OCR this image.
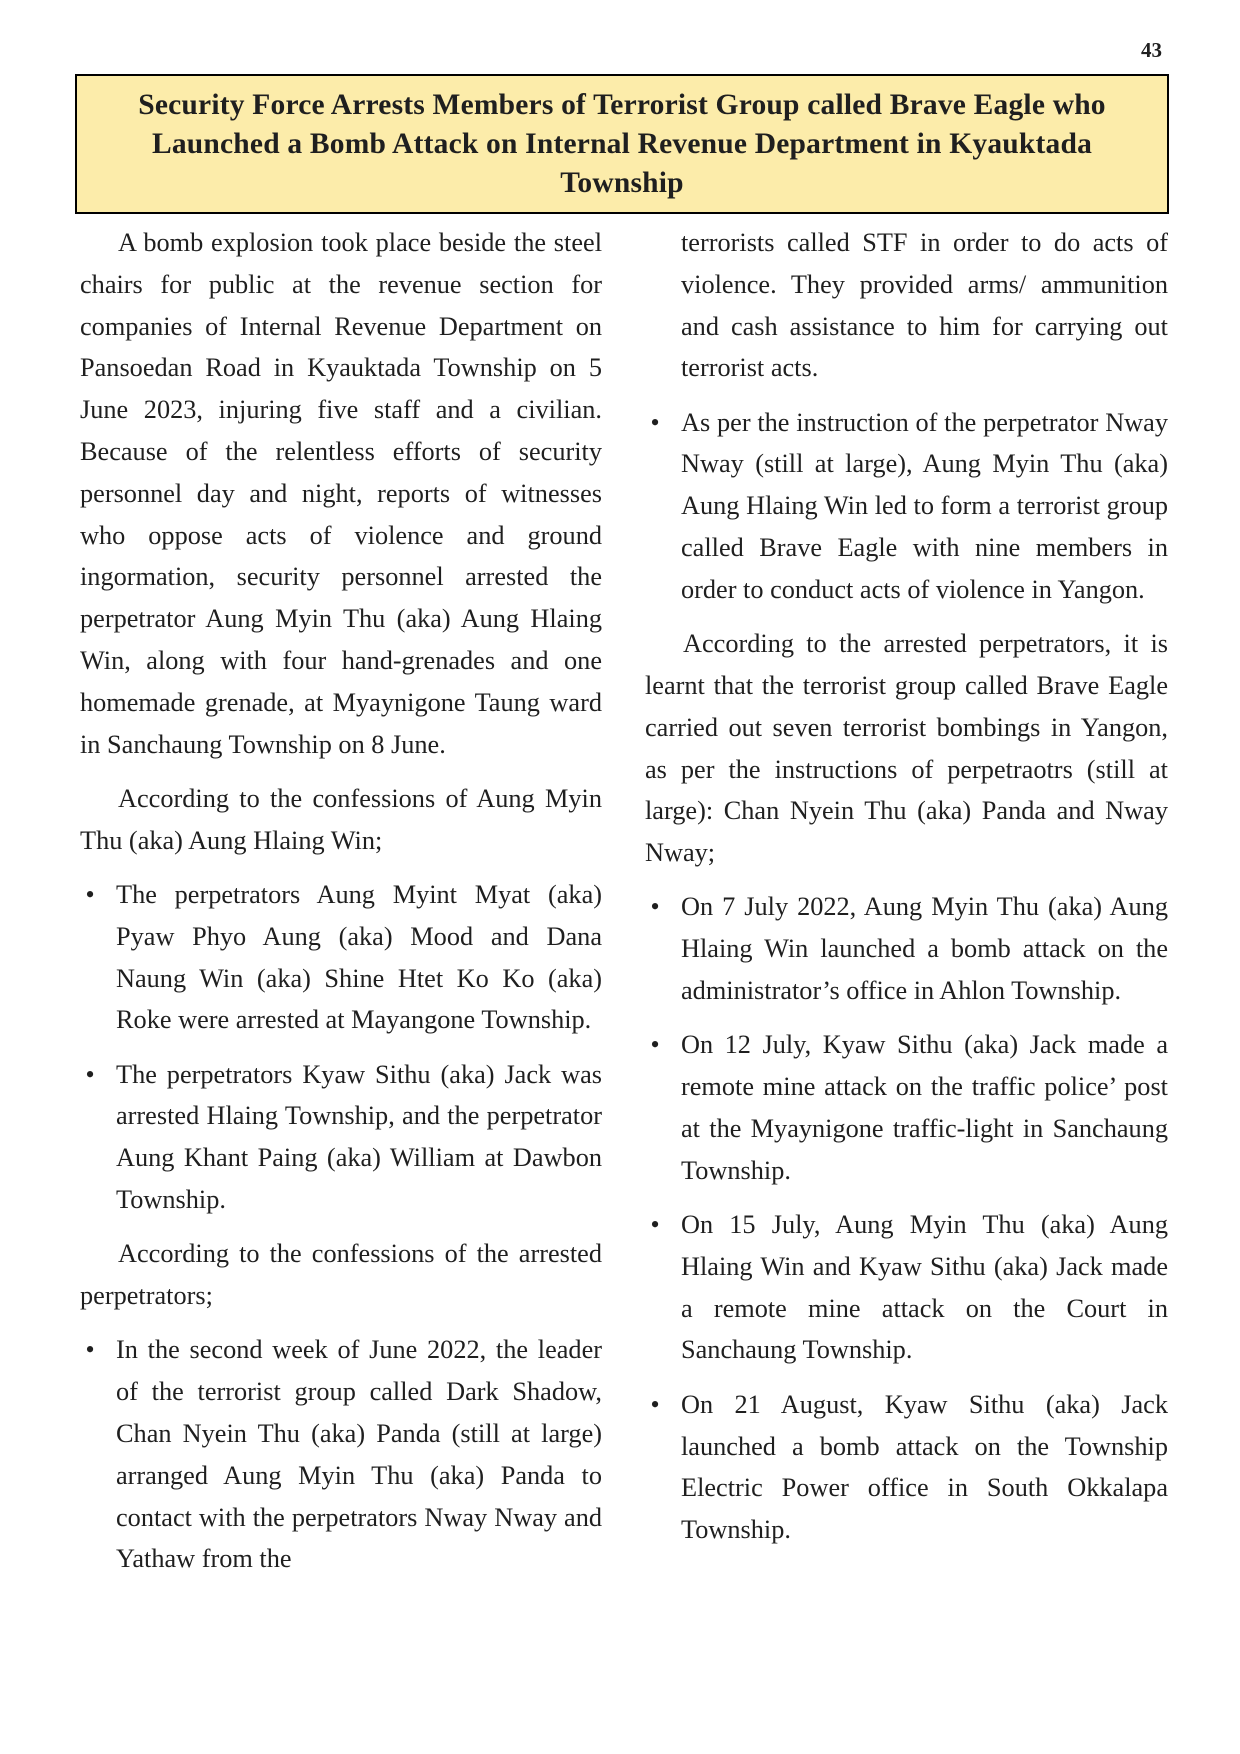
43
Security Force Arrests Members of Terrorist Group called Brave Eagle who Launched a Bomb Attack on Internal Revenue Department in Kyauktada Township

A bomb explosion took place beside the steel chairs for public at the revenue section for companies of Internal Revenue Department on Pansoedan Road in Kyauktada Township on 5 June 2023, injuring five staff and a civilian. Because of the relentless efforts of security personnel day and night, reports of witnesses who oppose acts of violence and ground ingormation, security personnel arrested the perpetrator Aung Myin Thu (aka) Aung Hlaing Win, along with four hand-grenades and one homemade grenade, at Myaynigone Taung ward in Sanchaung Township on 8 June.

According to the confessions of Aung Myin Thu (aka) Aung Hlaing Win;

• The perpetrators Aung Myint Myat (aka) Pyaw Phyo Aung (aka) Mood and Dana Naung Win (aka) Shine Htet Ko Ko (aka) Roke were arrested at Mayangone Township.
• The perpetrators Kyaw Sithu (aka) Jack was arrested Hlaing Township, and the perpetrator Aung Khant Paing (aka) William at Dawbon Township.

According to the confessions of the arrested perpetrators;

• In the second week of June 2022, the leader of the terrorist group called Dark Shadow, Chan Nyein Thu (aka) Panda (still at large) arranged Aung Myin Thu (aka) Panda to contact with the perpetrators Nway Nway and Yathaw from the

terrorists called STF in order to do acts of violence. They provided arms/ ammunition and cash assistance to him for carrying out terrorist acts.

• As per the instruction of the perpetrator Nway Nway (still at large), Aung Myin Thu (aka) Aung Hlaing Win led to form a terrorist group called Brave Eagle with nine members in order to conduct acts of violence in Yangon.

According to the arrested perpetrators, it is learnt that the terrorist group called Brave Eagle carried out seven terrorist bombings in Yangon, as per the instructions of perpetraotrs (still at large): Chan Nyein Thu (aka) Panda and Nway Nway;

• On 7 July 2022, Aung Myin Thu (aka) Aung Hlaing Win launched a bomb attack on the administrator’s office in Ahlon Township.
• On 12 July, Kyaw Sithu (aka) Jack made a remote mine attack on the traffic police’ post at the Myaynigone traffic-light in Sanchaung Township.
• On 15 July, Aung Myin Thu (aka) Aung Hlaing Win and Kyaw Sithu (aka) Jack made a remote mine attack on the Court in Sanchaung Township.
• On 21 August, Kyaw Sithu (aka) Jack launched a bomb attack on the Township Electric Power office in South Okkalapa Township.
